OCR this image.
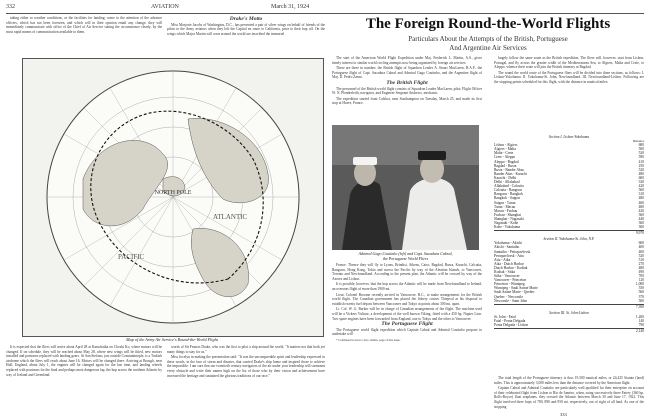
332	AVIATION	March 31, 1924

taking either to weather conditions, or the facilities for landing; come to the attention of the advance officers, which has not been foreseen, and which will in their opinion entail any change, they will immediately communicate with office of the Chief of Air Service stating the circumstance clearly, by the most rapid means of communication available to them.

Drake's Motto

Miss Marjorie Jacobs of Washington, D.C., has presented a pair of silver wings on behalf of friends of the pilots to the Army aviators when they left the Capitol en route to California, prior to their hop off. On the wings which Major Martin will wear around the world are inscribed the immortal

NORTH POLE
PACIFIC
ATLANTIC
Map of the Army Air Service's Round-the-World Flight

It is expected that the fliers will arrive about April 28 at Kamchatka on Choshi Ko, where motors will be changed. If on schedule, they will be reached about May 28, where new wings will be fitted, new motors installed and pontoons replaced with landing gears. At San Stefano, just outside Constantinople, is a Turkish airdrome which the fliers will reach about June 16. Motors will be changed there. Arriving at Brough, near Hull, England, about July 1, the engines will be changed again for the last time, and landing wheels replaced with pontoons for the final and perhaps most dangerous lap, the hop across the northern Atlantic by way of Iceland and Greenland.

words of Sir Francis Drake, who was the first to pilot a ship around the world, "It matters not that both yet many things to stay for us."

Miss Jocelyn in making the presentation said: "It was the unconquerable spirit and leadership expressed in these words, in the face of storm and disaster, that carried Drake's ship home and inspired those to achieve the impossible. I am sure that our twentieth century navigators of the air under your leadership will surmount every obstacle and write their names high on the list of those who by their vision and achievement have increased the heritage and sustained the glorious traditions of our race."

The Foreign Round-the-World Flights
Particulars About the Attempts of the British, Portuguese
And Argentine Air Services

The start of the American World Flight Expedition under Maj. Frederick L. Martin, A.S., gives timely interest to similar world circling attempts now being organized by foreign air services.

These are three in number: the British flight of Squadron Leader A. Stuart MacLaren, R.A.F., the Portuguese flight of Capt. Sacadura Cabral and Admiral Gago Coutinho, and the Argentine flight of Maj. D. Pedro Zanni.

The British Flight

The personnel of the British world flight consists of Squadron Leader MacLaren, pilot; Flight Officer W. N. Plenderleith, navigator, and Engineer Sergeant Andrews, mechanic.

The expedition started from Calshot, near Southampton on Tuesday, March 25, and made its first stop at Havre, France.

Admiral Gago Coutinho (left) and Capt. Sacadura Cabral,
the Portuguese World Fliers

France. Thence they will fly to Lyons, Brindisi, Athens, Cairo, Bagdad, Busra, Karachi, Calcutta, Rangoon, Hong Kong, Tokio and across the Pacific by way of the Aleutian Islands, to Vancouver, Toronto and Newfoundland. According to the present plan, the Atlantic will be crossed by way of the Azores and Lisbon.

It is possible, however, that the hop across the Atlantic will be made from Newfoundland to Ireland, an overseas flight of more than 1900 mi.

Lieut. Colonel Broome recently arrived in Vancouver, B.C., to make arrangements for the British world flight. The Canadian government has placed the fishery cruiser Thiepval at his disposal to establish twenty fuel depots between Vancouver and Tokyo at points about 300 mi. apart.

Lt. Col. W. G. Barker will be in charge of Canadian arrangements of the flight. The machine used will be a Vickers Vulture, a development of the well known Viking, fitted with a 450 hp. Napier Lion. Two spare engines have been forwarded from England, one to Tokyo and the other to Vancouver.

The Portuguese Flight

The Portuguese world flight expedition which Captain Cabral and Admiral Coutinho propose to undertake will

* Continued in next to last column, page of this issue.

largely follow the same route as the British expedition. The fliers will, however, start from Lisbon, Portugal, and fly across the greater width of the Mediterranean Sea, to Algiers, Malta and Crete, to Aleppo, whence their route will join the British itinerary at Bagdad.

The round the world route of the Portuguese fliers will be divided into three sections, as follows: I. Lisbon-Yokohama. II. Yokohama-St. John, Newfoundland. III. Newfoundland-Lisbon. Following are the stopping points scheduled for this flight, with the distance in nautical miles:

Section I. Lisbon-Yokohama
Distance
Lisbon - Algiers	680
Algiers - Malta	500
Malta - Crete	520
Crete - Aleppo	590
Aleppo - Bagdad	410
Bagdad - Busra	250
Busra - Bander Abas	520
Bander Abas - Karachi	480
Karachi - Delhi	600
Delhi - Allahabad	330
Allahabad - Calcutta	420
Calcutta - Rangoon	560
Rangoon - Bangkok	310
Bangkok - Saigon	480
Saigon - Turan	460
Turan - Macau	480
Macau - Fuchau	420
Fuchau - Shanghai	360
Shanghai - Nagasaki	440
Nagasaki - Kobe	360
Kobe - Yokohama	300
9,970
Section II. Yokohama-St. John, N.F.
Yokohama - Akishi	600
Akishi - Santutho	400
Santutho - Petropavlovsk	400
Petropavlovsk - Attu	520
Attu - Atka	510
Atka - Dutch Harbor	270
Dutch Harbor - Kodiak	480
Kodiak - Sitka	490
Sitka - Vancouver	700
Vancouver - Princeton	120
Princeton - Winnipeg	1,000
Winnipeg - Sault Sainte Marie	550
Sault Sainte Marie - Quebec	560
Quebec - Newcastle	370
Newcastle - Saint John	500
7,390
Section III. St. John-Lisbon
St. John - Faial	1,200
Faial - Ponta Delgada	140
Ponta Delgada - Lisbon	790
2,140

The total length of the Portuguese itinerary is thus 19,500 nautical miles, or 24,425 Statute (land) miles. This is approximately 3,000 miles less than the distance covered by the American flight.

Captain Cabral and Admiral Coutinho are particularly well qualified for their enterprise on account of their celebrated flight from Lisbon to Rio de Janeiro, when, using successively three Fairey (360 hp. Rolls-Royce) float seaplanes, they crossed the Atlantic between March 30 and June 17, 1922. This flight involved three hops of 780, 890 and 950 mi. respectively, out of sight of all land. As one of the stopping

333
